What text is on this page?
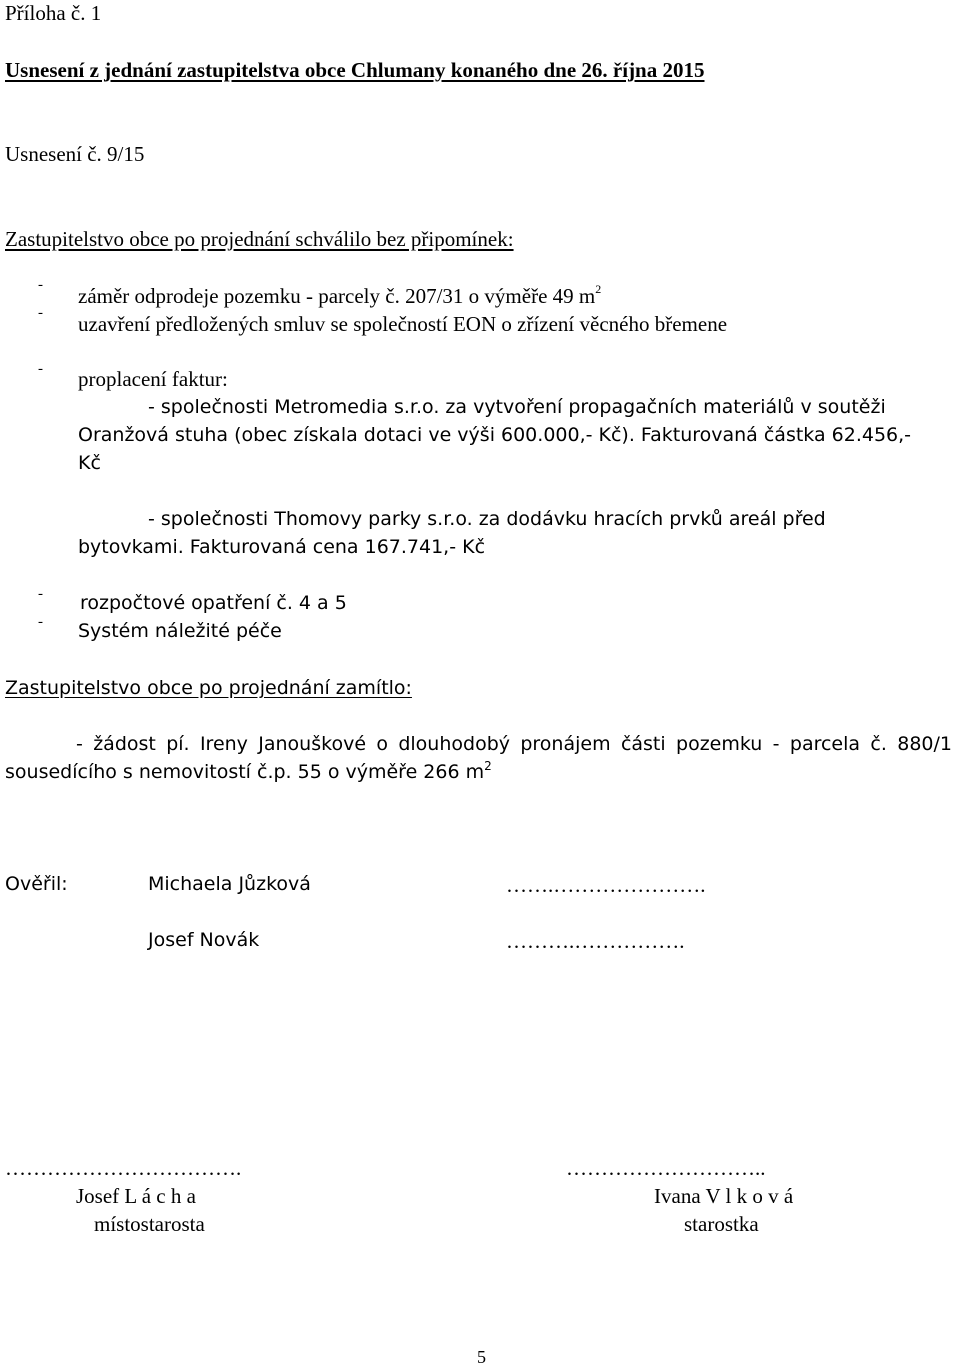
Příloha č. 1
Usnesení z jednání zastupitelstva obce Chlumany konaného dne 26. října 2015
Usnesení č. 9/15
Zastupitelstvo obce po projednání schválilo bez připomínek:
- záměr odprodeje pozemku - parcely č. 207/31 o výměře 49 $m^2$
- uzavření předložených smluv se společností EON o zřízení věcného břemene
- proplacení faktur:
- společnosti Metromedia s.r.o. za vytvoření propagačních materiálů v soutěži
Oranžová stuha (obec získala dotaci ve výši 600.000,- Kč). Fakturovaná částka 62.456,-
Kč
- společnosti Thomovy parky s.r.o. za dodávku hracích prvků areál před
bytovkami. Fakturovaná cena 167.741,- Kč
- rozpočtové opatření č. 4 a 5
- Systém náležité péče
Zastupitelstvo obce po projednání zamítlo:
- žádost pí. Ireny Janouškové o dlouhodobý pronájem části pozemku - parcela č. 880/1
sousedícího s nemovitostí č.p. 55 o výměře 266 $m^2$
Ověřil:	Michaela Jůzková	…….………………….
Josef Novák	……….…………….
…………………………….
Josef L á c h a
místostarosta
………………………..
Ivana V l k o v á
starostka
5
